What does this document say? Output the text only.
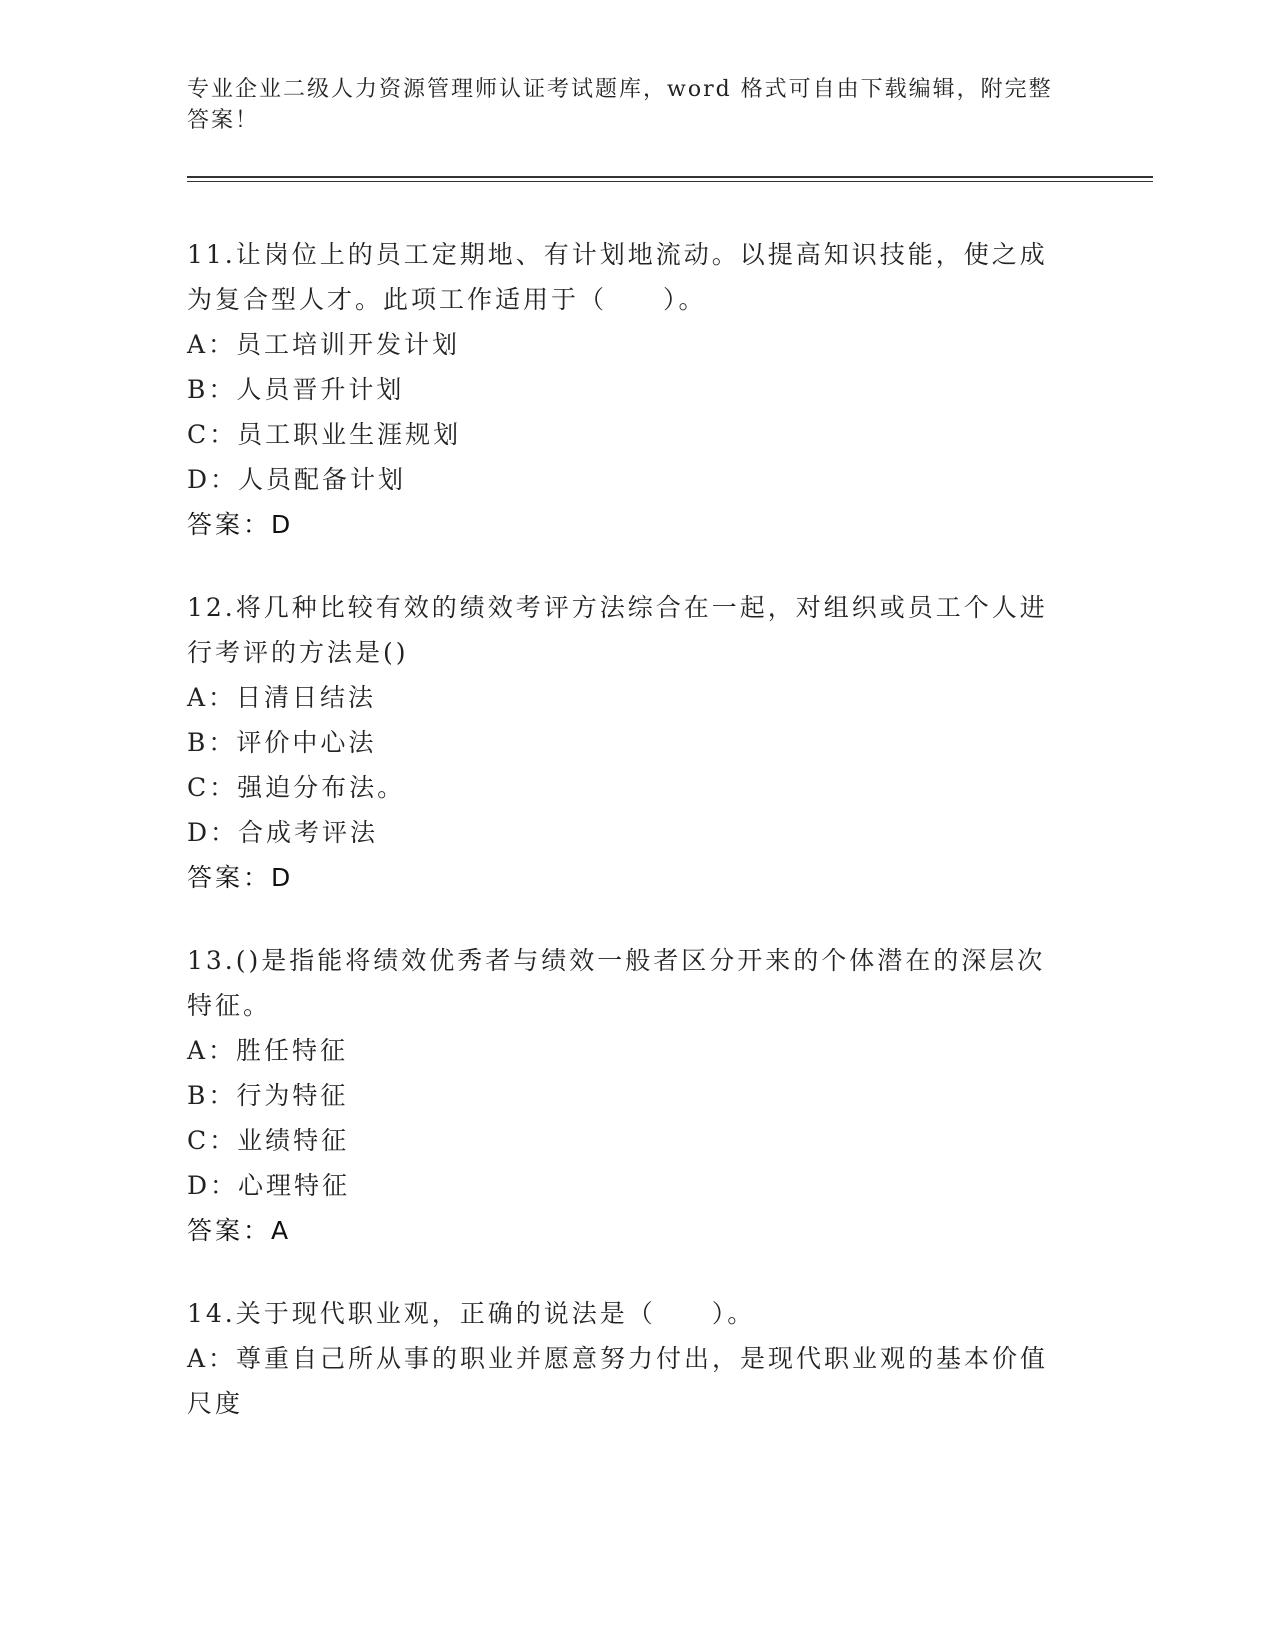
专业企业二级人力资源管理师认证考试题库，word 格式可自由下载编辑，附完整
答案！

11.让岗位上的员工定期地、有计划地流动。以提高知识技能，使之成为复合型人才。此项工作适用于（　　）。

A：员工培训开发计划

B：人员晋升计划

C：员工职业生涯规划

D：人员配备计划

答案：D

12.将几种比较有效的绩效考评方法综合在一起，对组织或员工个人进行考评的方法是()

A：日清日结法

B：评价中心法

C：强迫分布法。

D：合成考评法

答案：D

13.()是指能将绩效优秀者与绩效一般者区分开来的个体潜在的深层次特征。

A：胜任特征

B：行为特征

C：业绩特征

D：心理特征

答案：A

14.关于现代职业观，正确的说法是（　　）。

A：尊重自己所从事的职业并愿意努力付出，是现代职业观的基本价值尺度
